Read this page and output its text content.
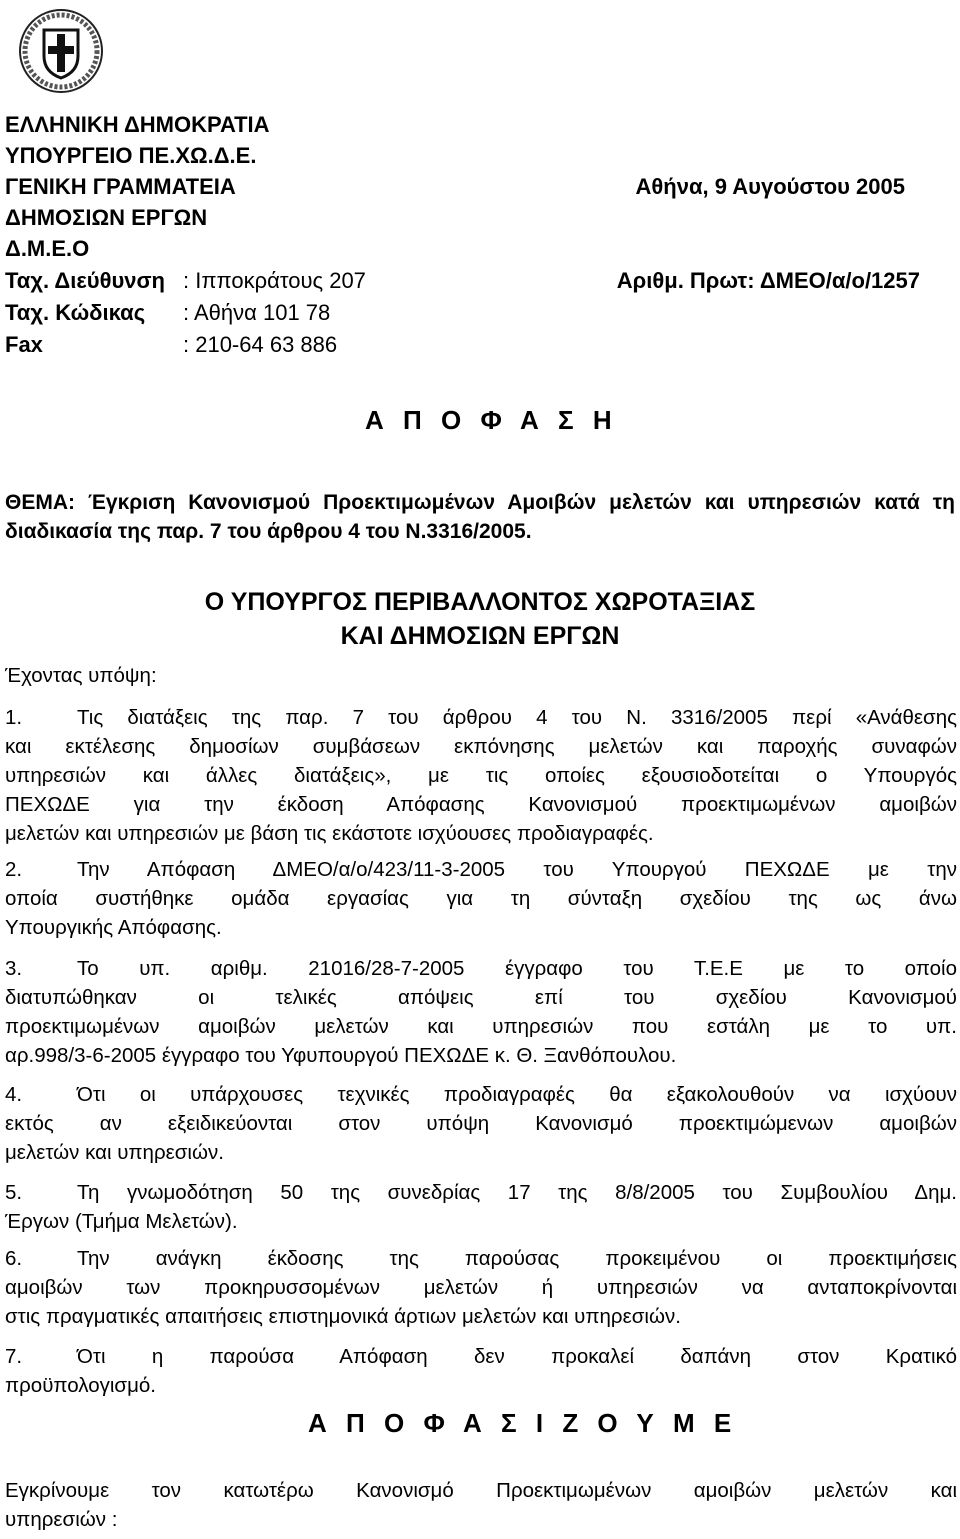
ΕΛΛΗΝΙΚΗ ΔΗΜΟΚΡΑΤΙΑ
ΥΠΟΥΡΓΕΙΟ ΠΕ.ΧΩ.Δ.Ε.
ΓΕΝΙΚΗ ΓΡΑΜΜΑΤΕΙΑ
ΔΗΜΟΣΙΩΝ ΕΡΓΩΝ
Δ.Μ.Ε.Ο
Ταχ. Διεύθυνση : Ιπποκράτους 207
Ταχ. Κώδικας : Αθήνα 101 78
Fax	: 210-64 63 886
Αθήνα, 9 Αυγούστου 2005
Αριθμ. Πρωτ: ΔΜΕΟ/α/ο/1257
Α Π Ο Φ Α Σ Η
ΘΕΜΑ: Έγκριση Κανονισμού Προεκτιμωμένων Αμοιβών μελετών και υπηρεσιών κατά τη διαδικασία της παρ. 7 του άρθρου 4 του Ν.3316/2005.
Ο ΥΠΟΥΡΓΟΣ ΠΕΡΙΒΑΛΛΟΝΤΟΣ ΧΩΡΟΤΑΞΙΑΣ
ΚΑΙ ΔΗΜΟΣΙΩΝ ΕΡΓΩΝ
Έχοντας υπόψη:
1.	Τις διατάξεις της παρ. 7 του άρθρου 4 του Ν. 3316/2005 περί «Ανάθεσης
και εκτέλεσης δημοσίων συμβάσεων εκπόνησης μελετών και παροχής συναφών
υπηρεσιών και άλλες διατάξεις», με τις οποίες εξουσιοδοτείται ο Υπουργός
ΠΕΧΩΔΕ για την έκδοση Απόφασης Κανονισμού προεκτιμωμένων αμοιβών
μελετών και υπηρεσιών με βάση τις εκάστοτε ισχύουσες προδιαγραφές.
2.	Την Απόφαση ΔΜΕΟ/α/ο/423/11-3-2005 του Υπουργού ΠΕΧΩΔΕ με την
οποία συστήθηκε ομάδα εργασίας για τη σύνταξη σχεδίου της ως άνω
Υπουργικής Απόφασης.
3.	Το υπ. αριθμ. 21016/28-7-2005 έγγραφο του Τ.Ε.Ε με το οποίο
διατυπώθηκαν οι τελικές απόψεις επί του σχεδίου Κανονισμού
προεκτιμωμένων αμοιβών μελετών και υπηρεσιών που εστάλη με το υπ.
αρ.998/3-6-2005 έγγραφο του Υφυπουργού ΠΕΧΩΔΕ κ. Θ. Ξανθόπουλου.
4.	Ότι οι υπάρχουσες τεχνικές προδιαγραφές θα εξακολουθούν να ισχύουν
εκτός αν εξειδικεύονται στον υπόψη Κανονισμό προεκτιμώμενων αμοιβών
μελετών και υπηρεσιών.
5.	Τη γνωμοδότηση 50 της συνεδρίας 17 της 8/8/2005 του Συμβουλίου Δημ.
Έργων (Τμήμα Μελετών).
6.	Την ανάγκη έκδοσης της παρούσας προκειμένου οι προεκτιμήσεις
αμοιβών των προκηρυσσομένων μελετών ή υπηρεσιών να ανταποκρίνονται
στις πραγματικές απαιτήσεις επιστημονικά άρτιων μελετών και υπηρεσιών.
7.	Ότι η παρούσα Απόφαση δεν προκαλεί δαπάνη στον Κρατικό
προϋπολογισμό.
Α Π Ο Φ Α Σ Ι Ζ Ο Υ Μ Ε
Εγκρίνουμε τον κατωτέρω Κανονισμό Προεκτιμωμένων αμοιβών μελετών και
υπηρεσιών :
